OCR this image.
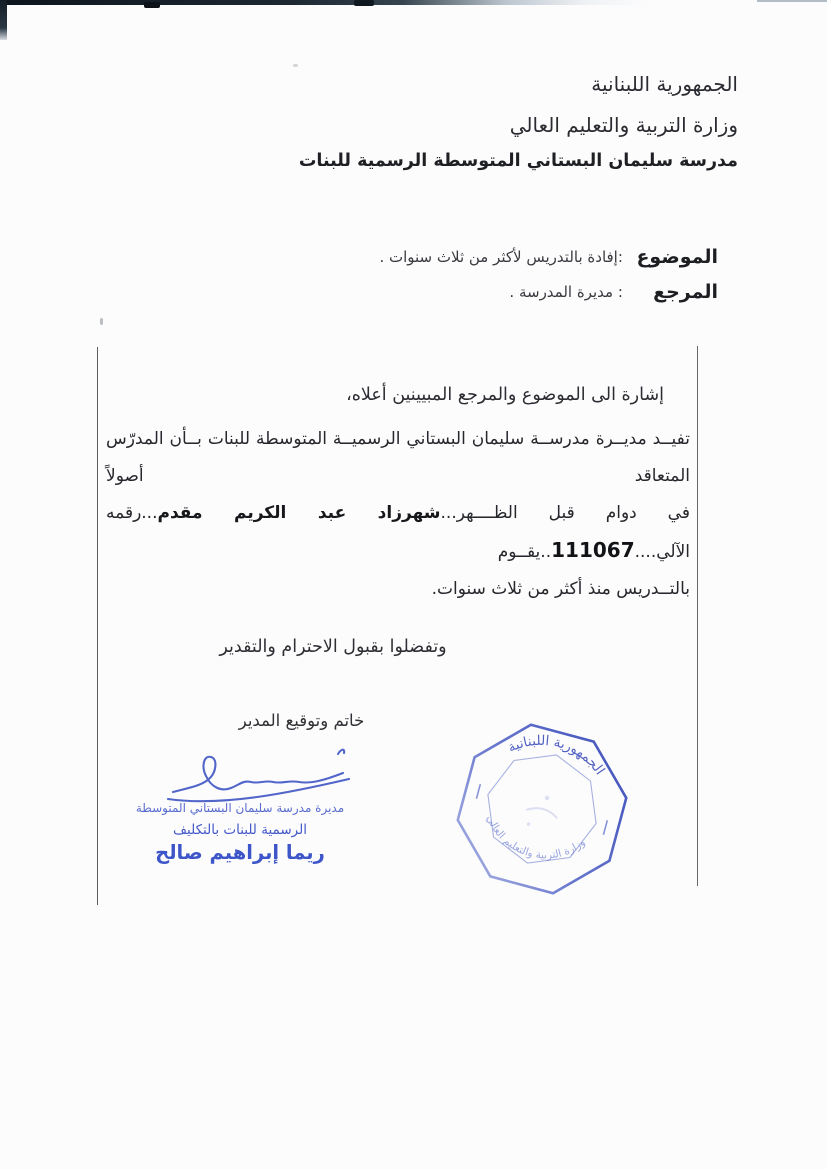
الجمهورية اللبنانية
وزارة التربية والتعليم العالي
مدرسة سليمان البستاني المتوسطة الرسمية للبنات
الموضوع :إفادة بالتدريس لأكثر من ثلاث سنوات .
المرجع : مديرة المدرسة .
إشارة الى الموضوع والمرجع المبيينين أعلاه،
تفيــد مديــرة مدرســة سليمان البستاني الرسميــة المتوسطة للبنات بــأن المدرّس المتعاقد أصولاً
في دوام قبل الظــــهر...شهرزاد عبد الكريم مقدم...رقمه الآلي....111067..يقــوم
بالتــدريس منذ أكثر من ثلاث سنوات.
وتفضلوا بقبول الاحترام والتقدير
خاتم وتوقيع المدير
مديرة مدرسة سليمان البستاني المتوسطة
الرسمية للبنات بالتكليف
ريما إبراهيم صالح
الجمهورية اللبنانية
وزارة التربية والتعليم العالي
